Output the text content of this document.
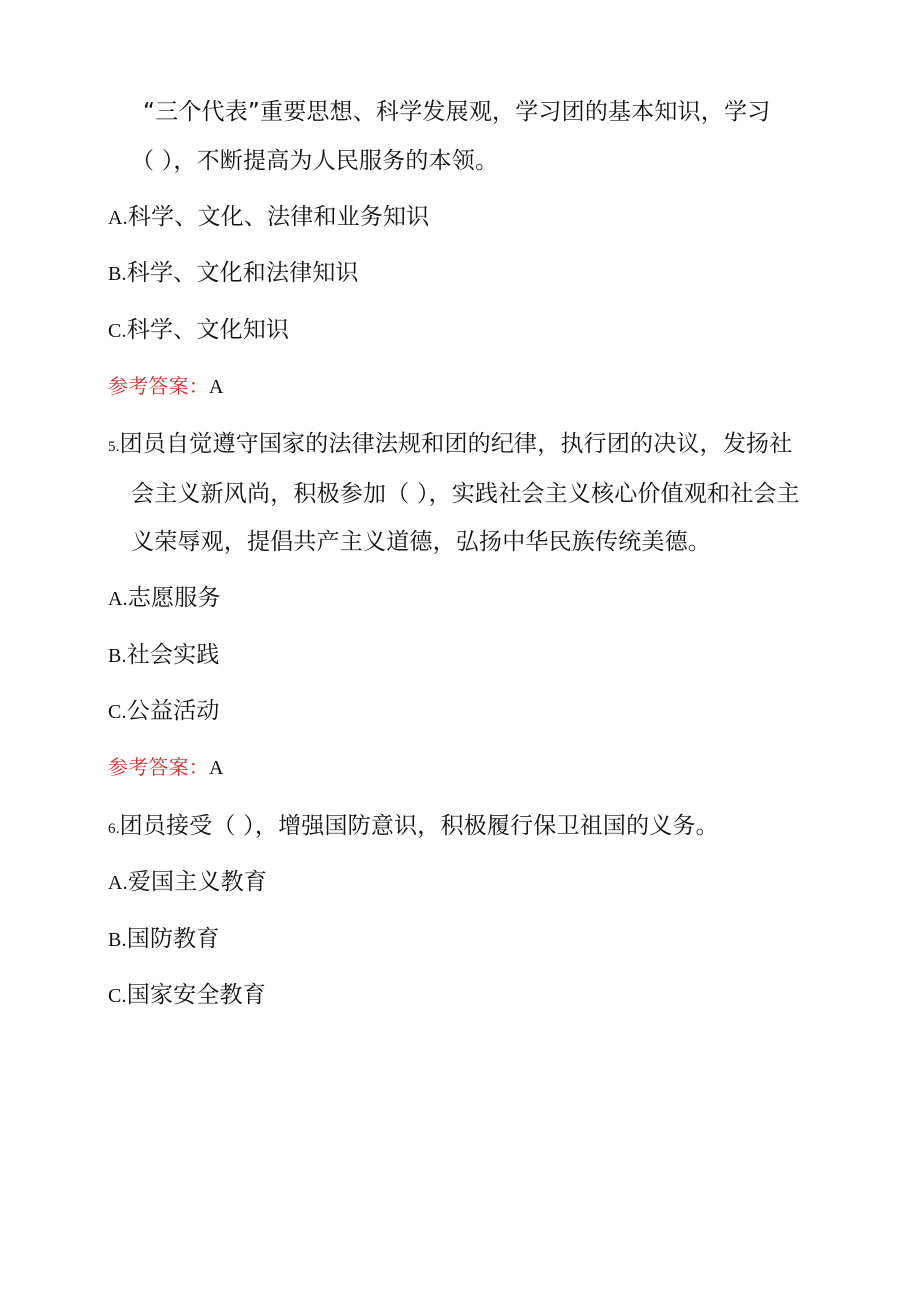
“三个代表”重要思想、科学发展观，学习团的基本知识，学习
（ ），不断提高为人民服务的本领。
A.科学、文化、法律和业务知识
B.科学、文化和法律知识
C.科学、文化知识
参考答案：A
5.团员自觉遵守国家的法律法规和团的纪律，执行团的决议，发扬社
会主义新风尚，积极参加（ ），实践社会主义核心价值观和社会主
义荣辱观，提倡共产主义道德，弘扬中华民族传统美德。
A.志愿服务
B.社会实践
C.公益活动
参考答案：A
6.团员接受（ ），增强国防意识，积极履行保卫祖国的义务。
A.爱国主义教育
B.国防教育
C.国家安全教育
